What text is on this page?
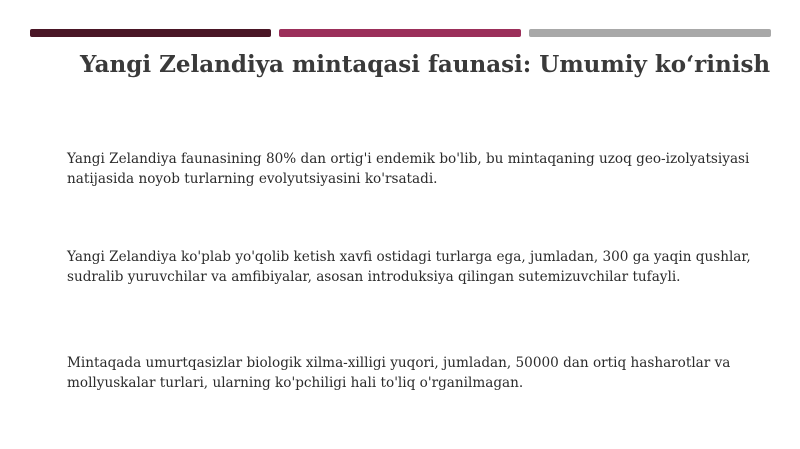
Yangi Zelandiya mintaqasi faunasi: Umumiy ko‘rinish

Yangi Zelandiya faunasining 80% dan ortig'i endemik bo'lib, bu mintaqaning uzoq geo-izolyatsiyasi natijasida noyob turlarning evolyutsiyasini ko'rsatadi.

Yangi Zelandiya ko'plab yo'qolib ketish xavfi ostidagi turlarga ega, jumladan, 300 ga yaqin qushlar, sudralib yuruvchilar va amfibiyalar, asosan introduksiya qilingan sutemizuvchilar tufayli.

Mintaqada umurtqasizlar biologik xilma-xilligi yuqori, jumladan, 50000 dan ortiq hasharotlar va mollyuskalar turlari, ularning ko'pchiligi hali to'liq o'rganilmagan.
